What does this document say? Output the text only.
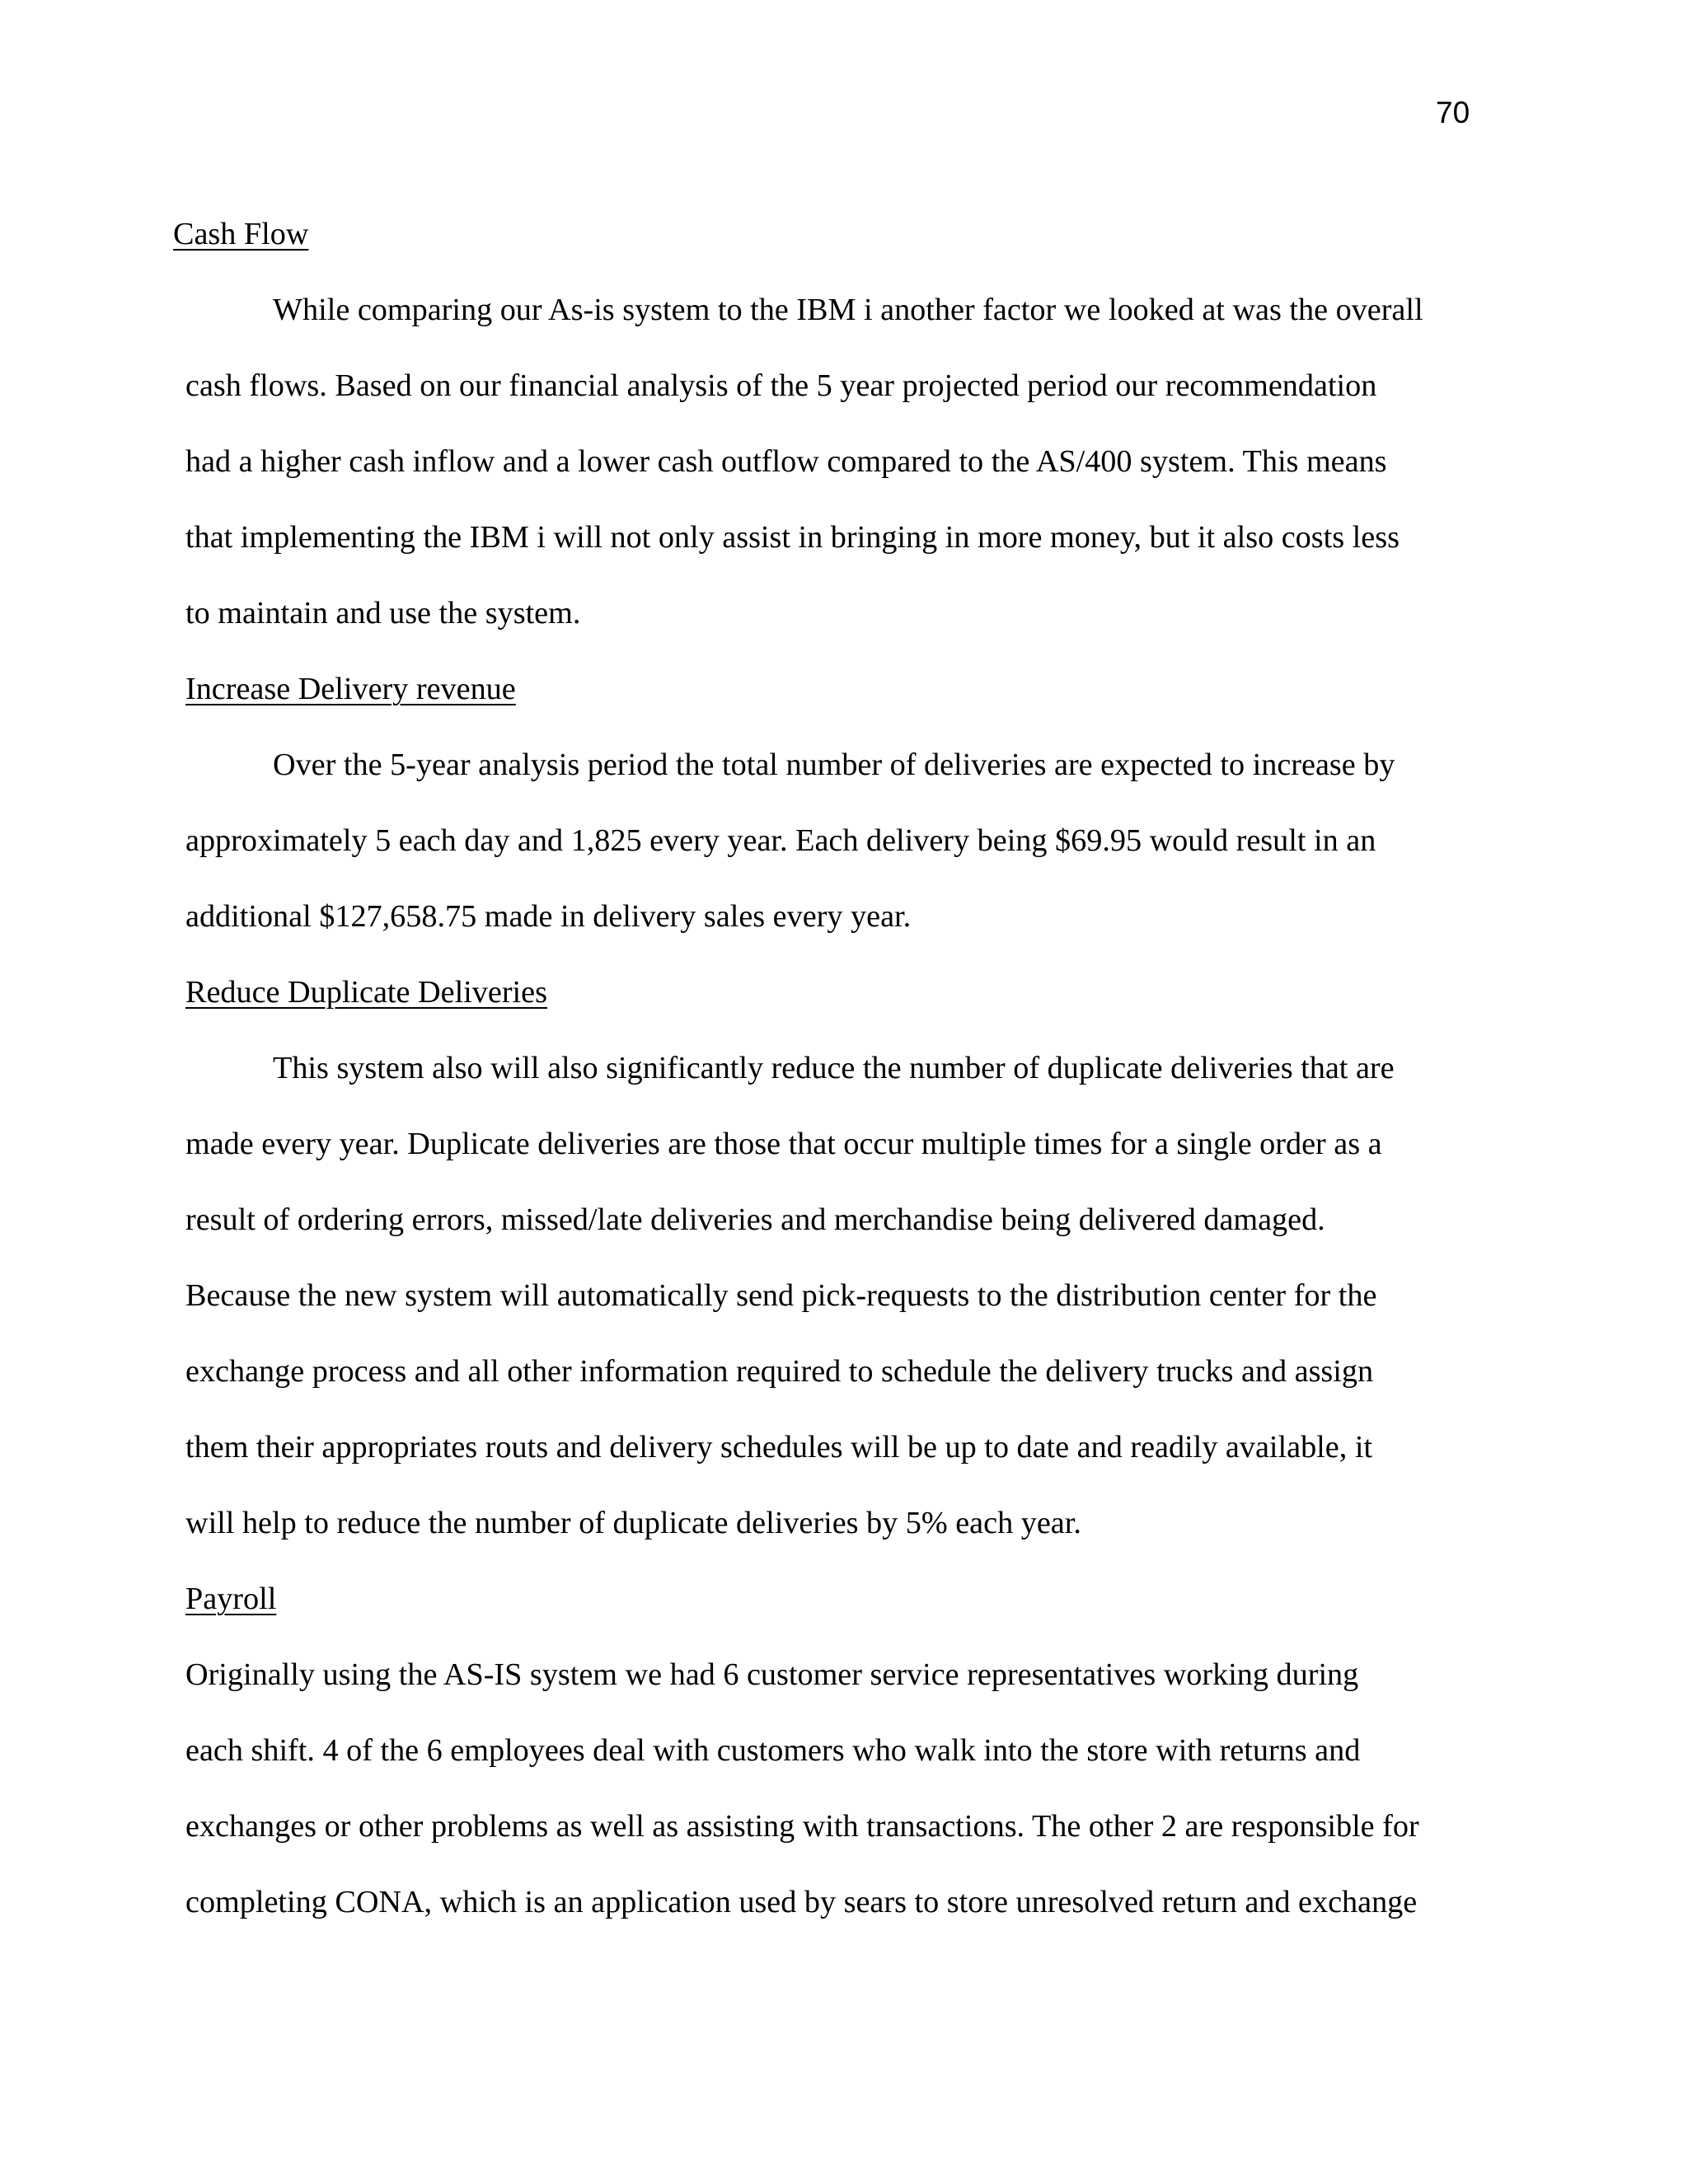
70
Cash Flow
While comparing our As-is system to the IBM i another factor we looked at was the overall
cash flows. Based on our financial analysis of the 5 year projected period our recommendation
had a higher cash inflow and a lower cash outflow compared to the AS/400 system. This means
that implementing the IBM i will not only assist in bringing in more money, but it also costs less
to maintain and use the system.
Increase Delivery revenue
Over the 5-year analysis period the total number of deliveries are expected to increase by
approximately 5 each day and 1,825 every year. Each delivery being $69.95 would result in an
additional $127,658.75 made in delivery sales every year.
Reduce Duplicate Deliveries
This system also will also significantly reduce the number of duplicate deliveries that are
made every year. Duplicate deliveries are those that occur multiple times for a single order as a
result of ordering errors, missed/late deliveries and merchandise being delivered damaged.
Because the new system will automatically send pick-requests to the distribution center for the
exchange process and all other information required to schedule the delivery trucks and assign
them their appropriates routs and delivery schedules will be up to date and readily available, it
will help to reduce the number of duplicate deliveries by 5% each year.
Payroll
Originally using the AS-IS system we had 6 customer service representatives working during
each shift. 4 of the 6 employees deal with customers who walk into the store with returns and
exchanges or other problems as well as assisting with transactions. The other 2 are responsible for
completing CONA, which is an application used by sears to store unresolved return and exchange
